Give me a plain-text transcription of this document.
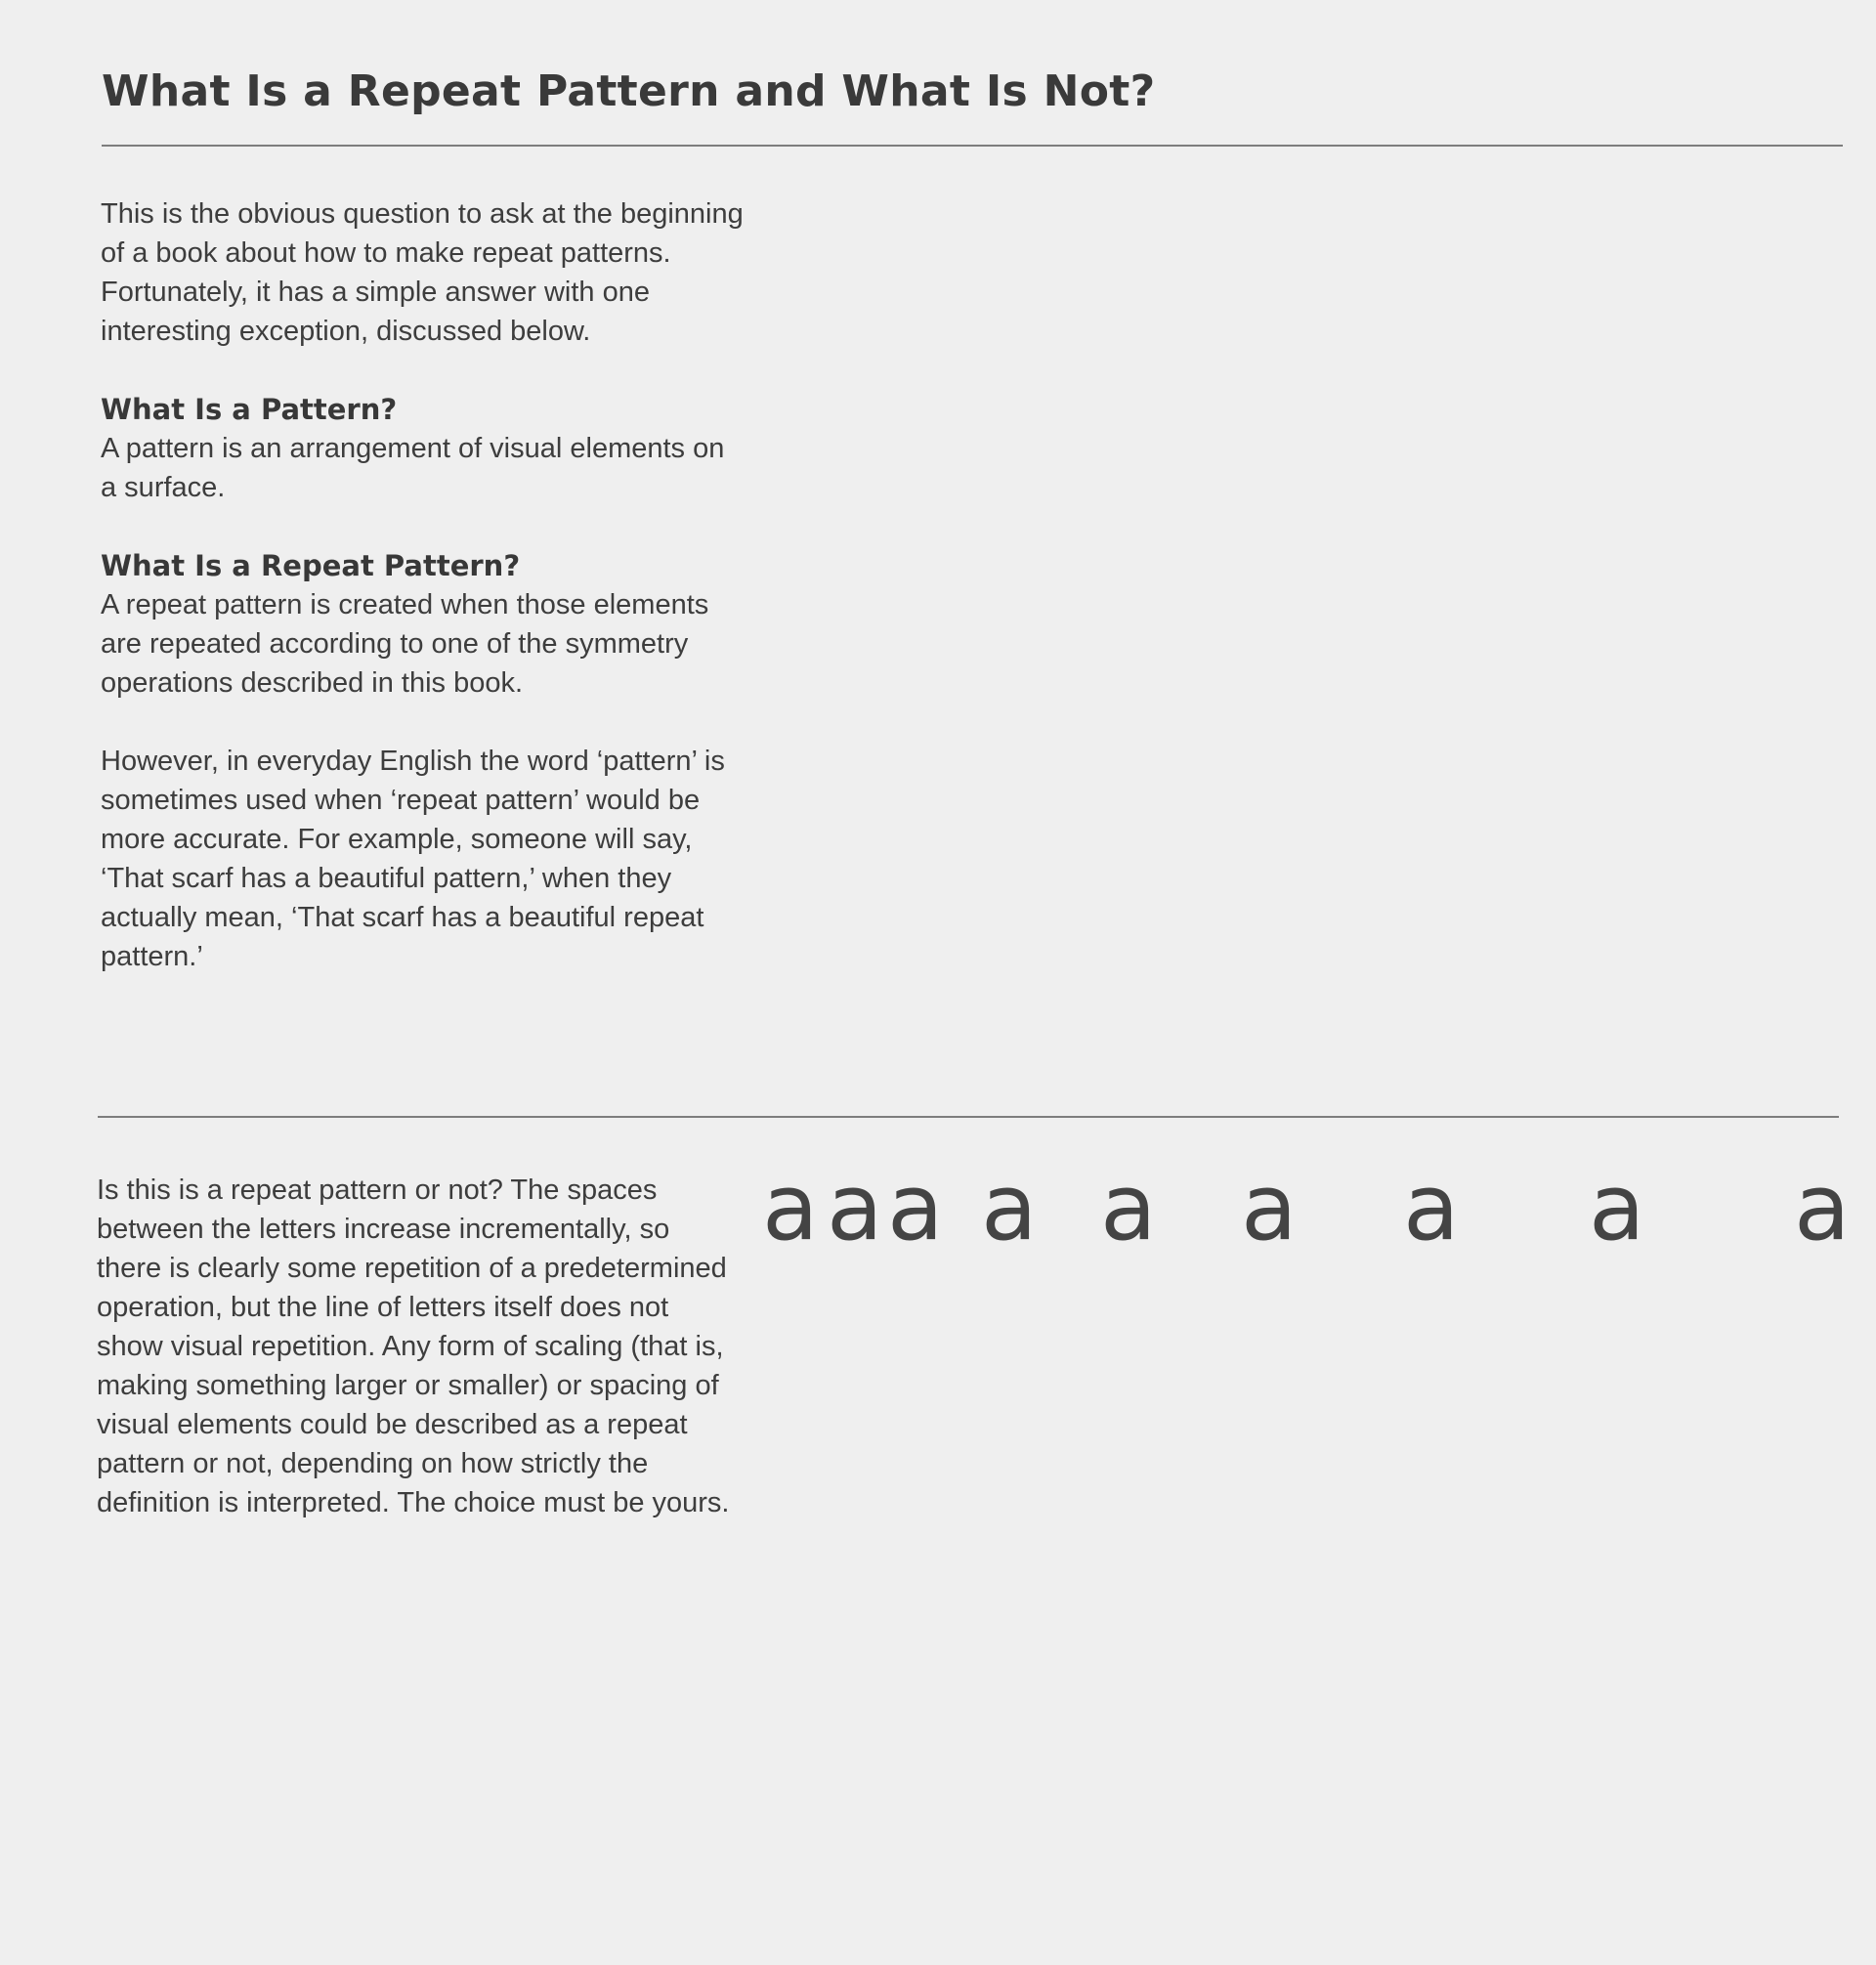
What Is a Repeat Pattern and What Is Not?

This is the obvious question to ask at the beginning of a book about how to make repeat patterns. Fortunately, it has a simple answer with one interesting exception, discussed below.

What Is a Pattern?

A pattern is an arrangement of visual elements on a surface.

What Is a Repeat Pattern?

A repeat pattern is created when those elements are repeated according to one of the symmetry operations described in this book.

However, in everyday English the word ‘pattern’ is sometimes used when ‘repeat pattern’ would be more accurate. For example, someone will say, ‘That scarf has a beautiful pattern,’ when they actually mean, ‘That scarf has a beautiful repeat pattern.’

Is this is a repeat pattern or not? The spaces between the letters increase incrementally, so there is clearly some repetition of a predetermined operation, but the line of letters itself does not show visual repetition. Any form of scaling (that is, making something larger or smaller) or spacing of visual elements could be described as a repeat pattern or not, depending on how strictly the definition is interpreted. The choice must be yours.

a a a a a a a a a
